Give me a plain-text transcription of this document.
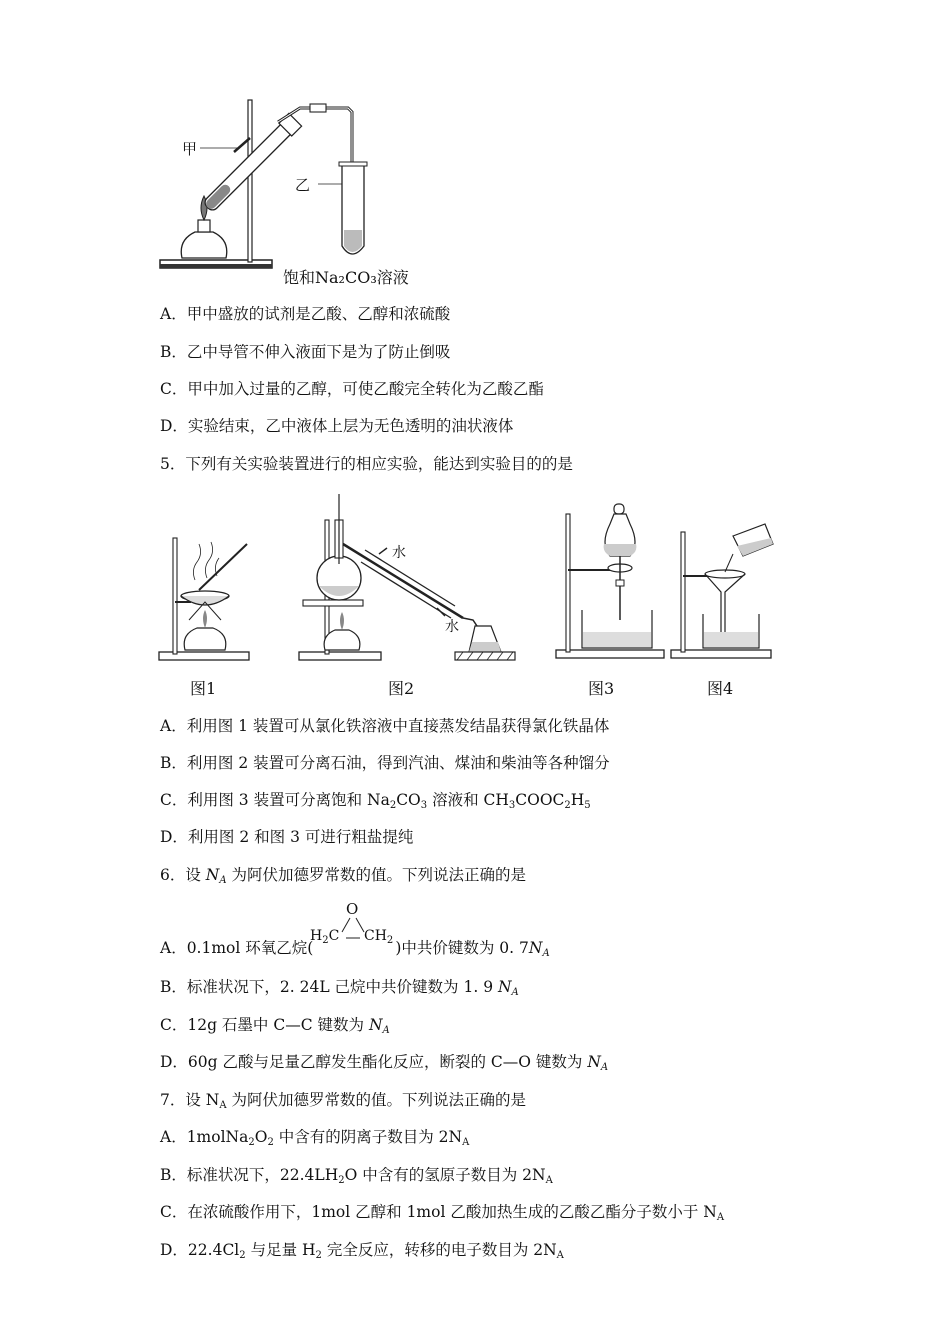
甲
乙
饱和Na₂CO₃溶液
A．甲中盛放的试剂是乙酸、乙醇和浓硫酸
B．乙中导管不伸入液面下是为了防止倒吸
C．甲中加入过量的乙醇，可使乙酸完全转化为乙酸乙酯
D．实验结束，乙中液体上层为无色透明的油状液体
5．下列有关实验装置进行的相应实验，能达到实验目的的是
水
水
图1	图2	图3	图4
A．利用图 1 装置可从氯化铁溶液中直接蒸发结晶获得氯化铁晶体
B．利用图 2 装置可分离石油，得到汽油、煤油和柴油等各种馏分
C．利用图 3 装置可分离饱和 $Na_2CO_3$ 溶液和 $CH_3COOC_2H_5$
D．利用图 2 和图 3 可进行粗盐提纯
6．设 $N_A$ 为阿伏加德罗常数的值。下列说法正确的是
O
$H_2C$ $CH_2$
A．0.1mol 环氧乙烷(	)中共价键数为 0. $7N_A$
B．标准状况下，2. 24L 己烷中共价键数为 1. 9 $N_A$
C．12g 石墨中 C—C 键数为 $N_A$
D．60g 乙酸与足量乙醇发生酯化反应，断裂的 C—O 键数为 $N_A$
7．设 $N_A$ 为阿伏加德罗常数的值。下列说法正确的是
A．$1molNa_2O_2$ 中含有的阴离子数目为 $2N_A$
B．标准状况下，$22.4LH_2O$ 中含有的氢原子数目为 $2N_A$
C．在浓硫酸作用下，1mol 乙醇和 1mol 乙酸加热生成的乙酸乙酯分子数小于 $N_A$
D．$22.4Cl_2$ 与足量 $H_2$ 完全反应，转移的电子数目为 $2N_A$
